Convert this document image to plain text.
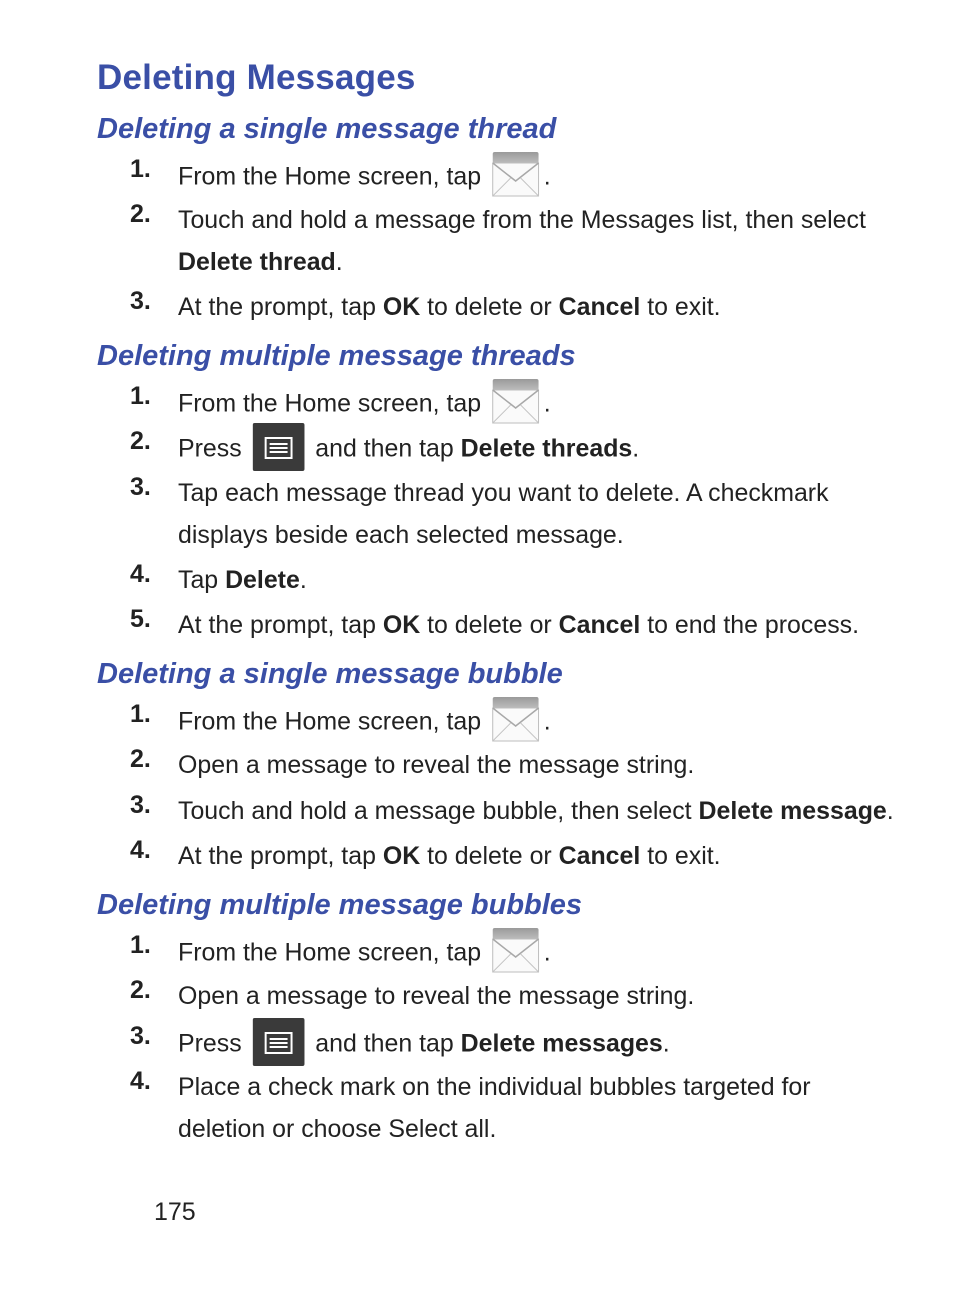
Deleting Messages
Deleting a single message thread
1. From the Home screen, tap	.
2. Touch and hold a message from the Messages list, then select
Delete thread.
3. At the prompt, tap OK to delete or Cancel to exit.
Deleting multiple message threads
1. From the Home screen, tap	.
2. Press	and then tap Delete threads.
3. Tap each message thread you want to delete. A checkmark
displays beside each selected message.
4. Tap Delete.
5. At the prompt, tap OK to delete or Cancel to end the process.
Deleting a single message bubble
1. From the Home screen, tap	.
2. Open a message to reveal the message string.
3. Touch and hold a message bubble, then select Delete message.
4. At the prompt, tap OK to delete or Cancel to exit.
Deleting multiple message bubbles
1. From the Home screen, tap	.
2. Open a message to reveal the message string.
3. Press	and then tap Delete messages.
4. Place a check mark on the individual bubbles targeted for
deletion or choose Select all.
175
